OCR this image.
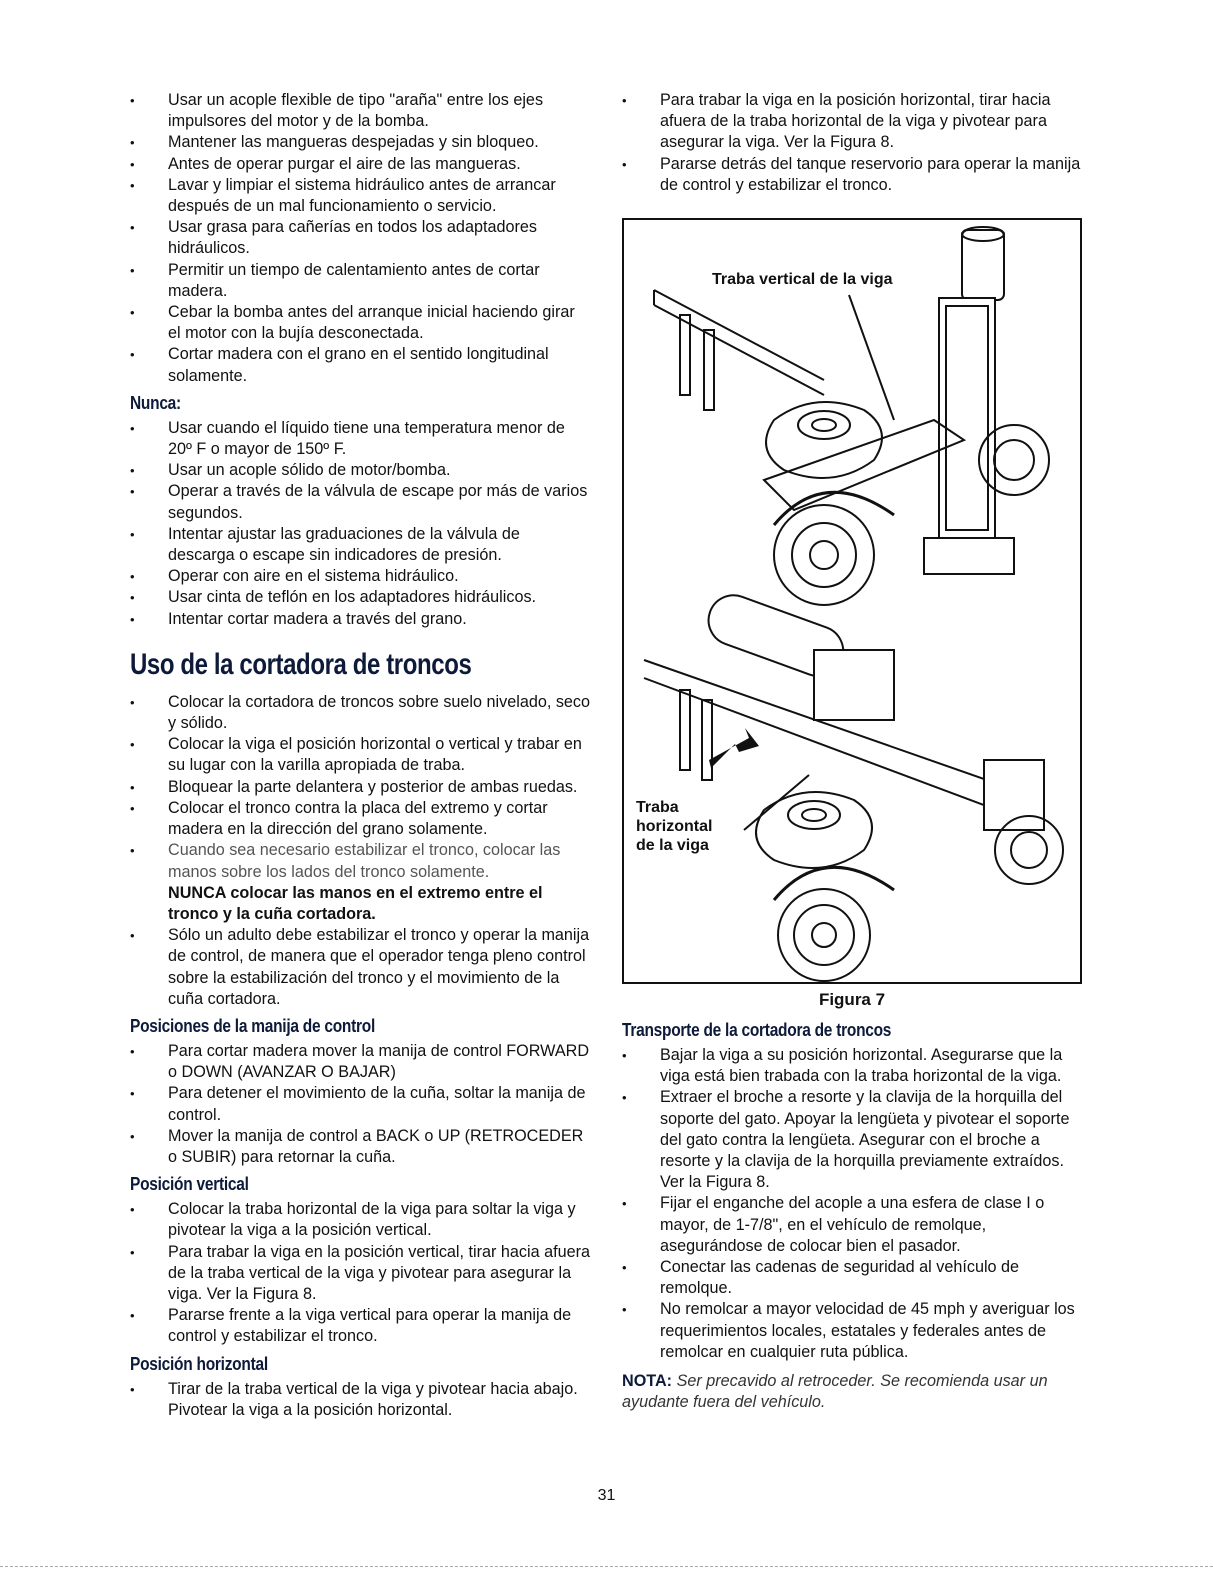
• Usar un acople flexible de tipo "araña" entre los ejes impulsores del motor y de la bomba.
• Mantener las mangueras despejadas y sin bloqueo.
• Antes de operar purgar el aire de las mangueras.
• Lavar y limpiar el sistema hidráulico antes de arrancar después de un mal funcionamiento o servicio.
• Usar grasa para cañerías en todos los adaptadores hidráulicos.
• Permitir un tiempo de calentamiento antes de cortar madera.
• Cebar la bomba antes del arranque inicial haciendo girar el motor con la bujía desconectada.
• Cortar madera con el grano en el sentido longitudinal solamente.
Nunca:
• Usar cuando el líquido tiene una temperatura menor de 20º F o mayor de 150º F.
• Usar un acople sólido de motor/bomba.
• Operar a través de la válvula de escape por más de varios segundos.
• Intentar ajustar las graduaciones de la válvula de descarga o escape sin indicadores de presión.
• Operar con aire en el sistema hidráulico.
• Usar cinta de teflón en los adaptadores hidráulicos.
• Intentar cortar madera a través del grano.
Uso de la cortadora de troncos
• Colocar la cortadora de troncos sobre suelo nivelado, seco y sólido.
• Colocar la viga el posición horizontal o vertical y trabar en su lugar con la varilla apropiada de traba.
• Bloquear la parte delantera y posterior de ambas ruedas.
• Colocar el tronco contra la placa del extremo y cortar madera en la dirección del grano solamente.
• Cuando sea necesario estabilizar el tronco, colocar las manos sobre los lados del tronco solamente.
NUNCA colocar las manos en el extremo entre el tronco y la cuña cortadora.
• Sólo un adulto debe estabilizar el tronco y operar la manija de control, de manera que el operador tenga pleno control sobre la estabilización del tronco y el movimiento de la cuña cortadora.
Posiciones de la manija de control
• Para cortar madera mover la manija de control FORWARD o DOWN (AVANZAR O BAJAR)
• Para detener el movimiento de la cuña, soltar la manija de control.
• Mover la manija de control a BACK o UP (RETROCEDER o SUBIR) para retornar la cuña.
Posición vertical
• Colocar la traba horizontal de la viga para soltar la viga y pivotear la viga a la posición vertical.
• Para trabar la viga en la posición vertical, tirar hacia afuera de la traba vertical de la viga y pivotear para asegurar la viga. Ver la Figura 8.
• Pararse frente a la viga vertical para operar la manija de control y estabilizar el tronco.
Posición horizontal
• Tirar de la traba vertical de la viga y pivotear hacia abajo. Pivotear la viga a la posición horizontal.
• Para trabar la viga en la posición horizontal, tirar hacia afuera de la traba horizontal de la viga y pivotear para asegurar la viga. Ver la Figura 8.
• Pararse detrás del tanque reservorio para operar la manija de control y estabilizar el tronco.
Traba vertical de la viga
Traba
horizontal
de la viga
Figura 7
Transporte de la cortadora de troncos
• Bajar la viga a su posición horizontal. Asegurarse que la viga está bien trabada con la traba horizontal de la viga.
• Extraer el broche a resorte y la clavija de la horquilla del soporte del gato. Apoyar la lengüeta y pivotear el soporte del gato contra la lengüeta. Asegurar con el broche a resorte y la clavija de la horquilla previamente extraídos. Ver la Figura 8.
• Fijar el enganche del acople a una esfera de clase I o mayor, de 1-7/8", en el vehículo de remolque, asegurándose de colocar bien el pasador.
• Conectar las cadenas de seguridad al vehículo de remolque.
• No remolcar a mayor velocidad de 45 mph y averiguar los requerimientos locales, estatales y federales antes de remolcar en cualquier ruta pública.
NOTA: Ser precavido al retroceder. Se recomienda usar un ayudante fuera del vehículo.
31
